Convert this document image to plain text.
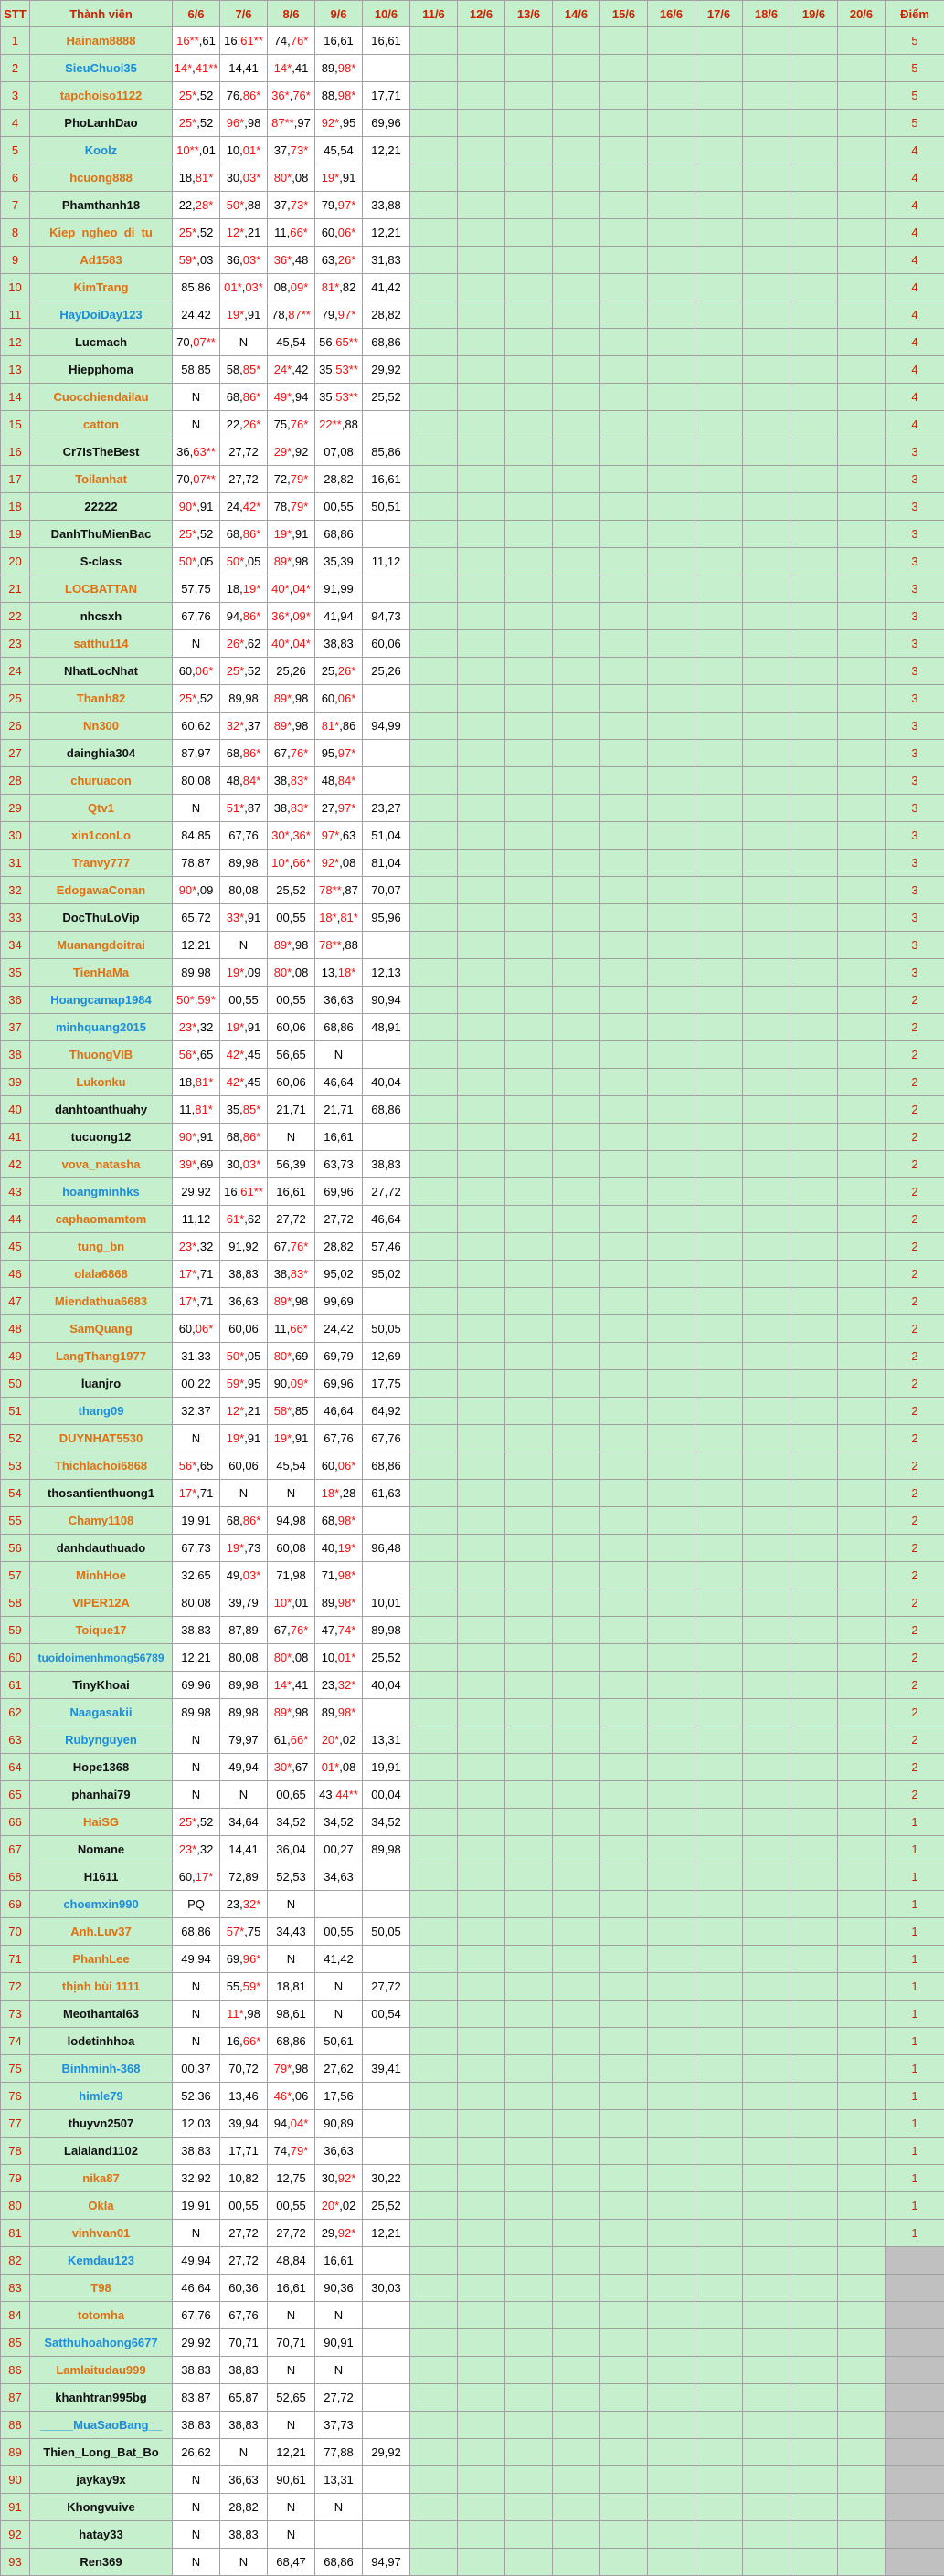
STT	Thành viên	6/6	7/6	8/6	9/6	10/6	11/6	12/6	13/6	14/6	15/6	16/6	17/6	18/6	19/6	20/6	Điểm
1	Hainam8888	16**,61	16,61**	74,76*	16,61	16,61											5
2	SieuChuoi35	14*,41**	14,41	14*,41	89,98*												5
3	tapchoiso1122	25*,52	76,86*	36*,76*	88,98*	17,71											5
4	PhoLanhDao	25*,52	96*,98	87**,97	92*,95	69,96											5
5	Koolz	10**,01	10,01*	37,73*	45,54	12,21											4
6	hcuong888	18,81*	30,03*	80*,08	19*,91												4
7	Phamthanh18	22,28*	50*,88	37,73*	79,97*	33,88											4
8	Kiep_ngheo_di_tu	25*,52	12*,21	11,66*	60,06*	12,21											4
9	Ad1583	59*,03	36,03*	36*,48	63,26*	31,83											4
10	KimTrang	85,86	01*,03*	08,09*	81*,82	41,42											4
11	HayDoiDay123	24,42	19*,91	78,87**	79,97*	28,82											4
12	Lucmach	70,07**	N	45,54	56,65**	68,86											4
13	Hiepphoma	58,85	58,85*	24*,42	35,53**	29,92											4
14	Cuocchiendailau	N	68,86*	49*,94	35,53**	25,52											4
15	catton	N	22,26*	75,76*	22**,88												4
16	Cr7IsTheBest	36,63**	27,72	29*,92	07,08	85,86											3
17	Toilanhat	70,07**	27,72	72,79*	28,82	16,61											3
18	22222	90*,91	24,42*	78,79*	00,55	50,51											3
19	DanhThuMienBac	25*,52	68,86*	19*,91	68,86												3
20	S-class	50*,05	50*,05	89*,98	35,39	11,12											3
21	LOCBATTAN	57,75	18,19*	40*,04*	91,99												3
22	nhcsxh	67,76	94,86*	36*,09*	41,94	94,73											3
23	satthu114	N	26*,62	40*,04*	38,83	60,06											3
24	NhatLocNhat	60,06*	25*,52	25,26	25,26*	25,26											3
25	Thanh82	25*,52	89,98	89*,98	60,06*												3
26	Nn300	60,62	32*,37	89*,98	81*,86	94,99											3
27	dainghia304	87,97	68,86*	67,76*	95,97*												3
28	churuacon	80,08	48,84*	38,83*	48,84*												3
29	Qtv1	N	51*,87	38,83*	27,97*	23,27											3
30	xin1conLo	84,85	67,76	30*,36*	97*,63	51,04											3
31	Tranvy777	78,87	89,98	10*,66*	92*,08	81,04											3
32	EdogawaConan	90*,09	80,08	25,52	78**,87	70,07											3
33	DocThuLoVip	65,72	33*,91	00,55	18*,81*	95,96											3
34	Muanangdoitrai	12,21	N	89*,98	78**,88												3
35	TienHaMa	89,98	19*,09	80*,08	13,18*	12,13											3
36	Hoangcamap1984	50*,59*	00,55	00,55	36,63	90,94											2
37	minhquang2015	23*,32	19*,91	60,06	68,86	48,91											2
38	ThuongVIB	56*,65	42*,45	56,65	N												2
39	Lukonku	18,81*	42*,45	60,06	46,64	40,04											2
40	danhtoanthuahy	11,81*	35,85*	21,71	21,71	68,86											2
41	tucuong12	90*,91	68,86*	N	16,61												2
42	vova_natasha	39*,69	30,03*	56,39	63,73	38,83											2
43	hoangminhks	29,92	16,61**	16,61	69,96	27,72											2
44	caphaomamtom	11,12	61*,62	27,72	27,72	46,64											2
45	tung_bn	23*,32	91,92	67,76*	28,82	57,46											2
46	olala6868	17*,71	38,83	38,83*	95,02	95,02											2
47	Miendathua6683	17*,71	36,63	89*,98	99,69												2
48	SamQuang	60,06*	60,06	11,66*	24,42	50,05											2
49	LangThang1977	31,33	50*,05	80*,69	69,79	12,69											2
50	luanjro	00,22	59*,95	90,09*	69,96	17,75											2
51	thang09	32,37	12*,21	58*,85	46,64	64,92											2
52	DUYNHAT5530	N	19*,91	19*,91	67,76	67,76											2
53	Thichlachoi6868	56*,65	60,06	45,54	60,06*	68,86											2
54	thosantienthuong1	17*,71	N	N	18*,28	61,63											2
55	Chamy1108	19,91	68,86*	94,98	68,98*												2
56	danhdauthuado	67,73	19*,73	60,08	40,19*	96,48											2
57	MinhHoe	32,65	49,03*	71,98	71,98*												2
58	VIPER12A	80,08	39,79	10*,01	89,98*	10,01											2
59	Toique17	38,83	87,89	67,76*	47,74*	89,98											2
60	tuoidoimenhmong56789	12,21	80,08	80*,08	10,01*	25,52											2
61	TinyKhoai	69,96	89,98	14*,41	23,32*	40,04											2
62	Naagasakii	89,98	89,98	89*,98	89,98*												2
63	Rubynguyen	N	79,97	61,66*	20*,02	13,31											2
64	Hope1368	N	49,94	30*,67	01*,08	19,91											2
65	phanhai79	N	N	00,65	43,44**	00,04											2
66	HaiSG	25*,52	34,64	34,52	34,52	34,52											1
67	Nomane	23*,32	14,41	36,04	00,27	89,98											1
68	H1611	60,17*	72,89	52,53	34,63												1
69	choemxin990	PQ	23,32*	N													1
70	Anh.Luv37	68,86	57*,75	34,43	00,55	50,05											1
71	PhanhLee	49,94	69,96*	N	41,42												1
72	thịnh bùi 1111	N	55,59*	18,81	N	27,72											1
73	Meothantai63	N	11*,98	98,61	N	00,54											1
74	lodetinhhoa	N	16,66*	68,86	50,61												1
75	Binhminh-368	00,37	70,72	79*,98	27,62	39,41											1
76	himle79	52,36	13,46	46*,06	17,56												1
77	thuyvn2507	12,03	39,94	94,04*	90,89												1
78	Lalaland1102	38,83	17,71	74,79*	36,63												1
79	nika87	32,92	10,82	12,75	30,92*	30,22											1
80	Okla	19,91	00,55	00,55	20*,02	25,52											1
81	vinhvan01	N	27,72	27,72	29,92*	12,21											1
82	Kemdau123	49,94	27,72	48,84	16,61												
83	T98	46,64	60,36	16,61	90,36	30,03											
84	totomha	67,76	67,76	N	N												
85	Satthuhoahong6677	29,92	70,71	70,71	90,91												
86	Lamlaitudau999	38,83	38,83	N	N												
87	khanhtran995bg	83,87	65,87	52,65	27,72												
88	_____MuaSaoBang__	38,83	38,83	N	37,73												
89	Thien_Long_Bat_Bo	26,62	N	12,21	77,88	29,92											
90	jaykay9x	N	36,63	90,61	13,31												
91	Khongvuive	N	28,82	N	N												
92	hatay33	N	38,83	N													
93	Ren369	N	N	68,47	68,86	94,97											
